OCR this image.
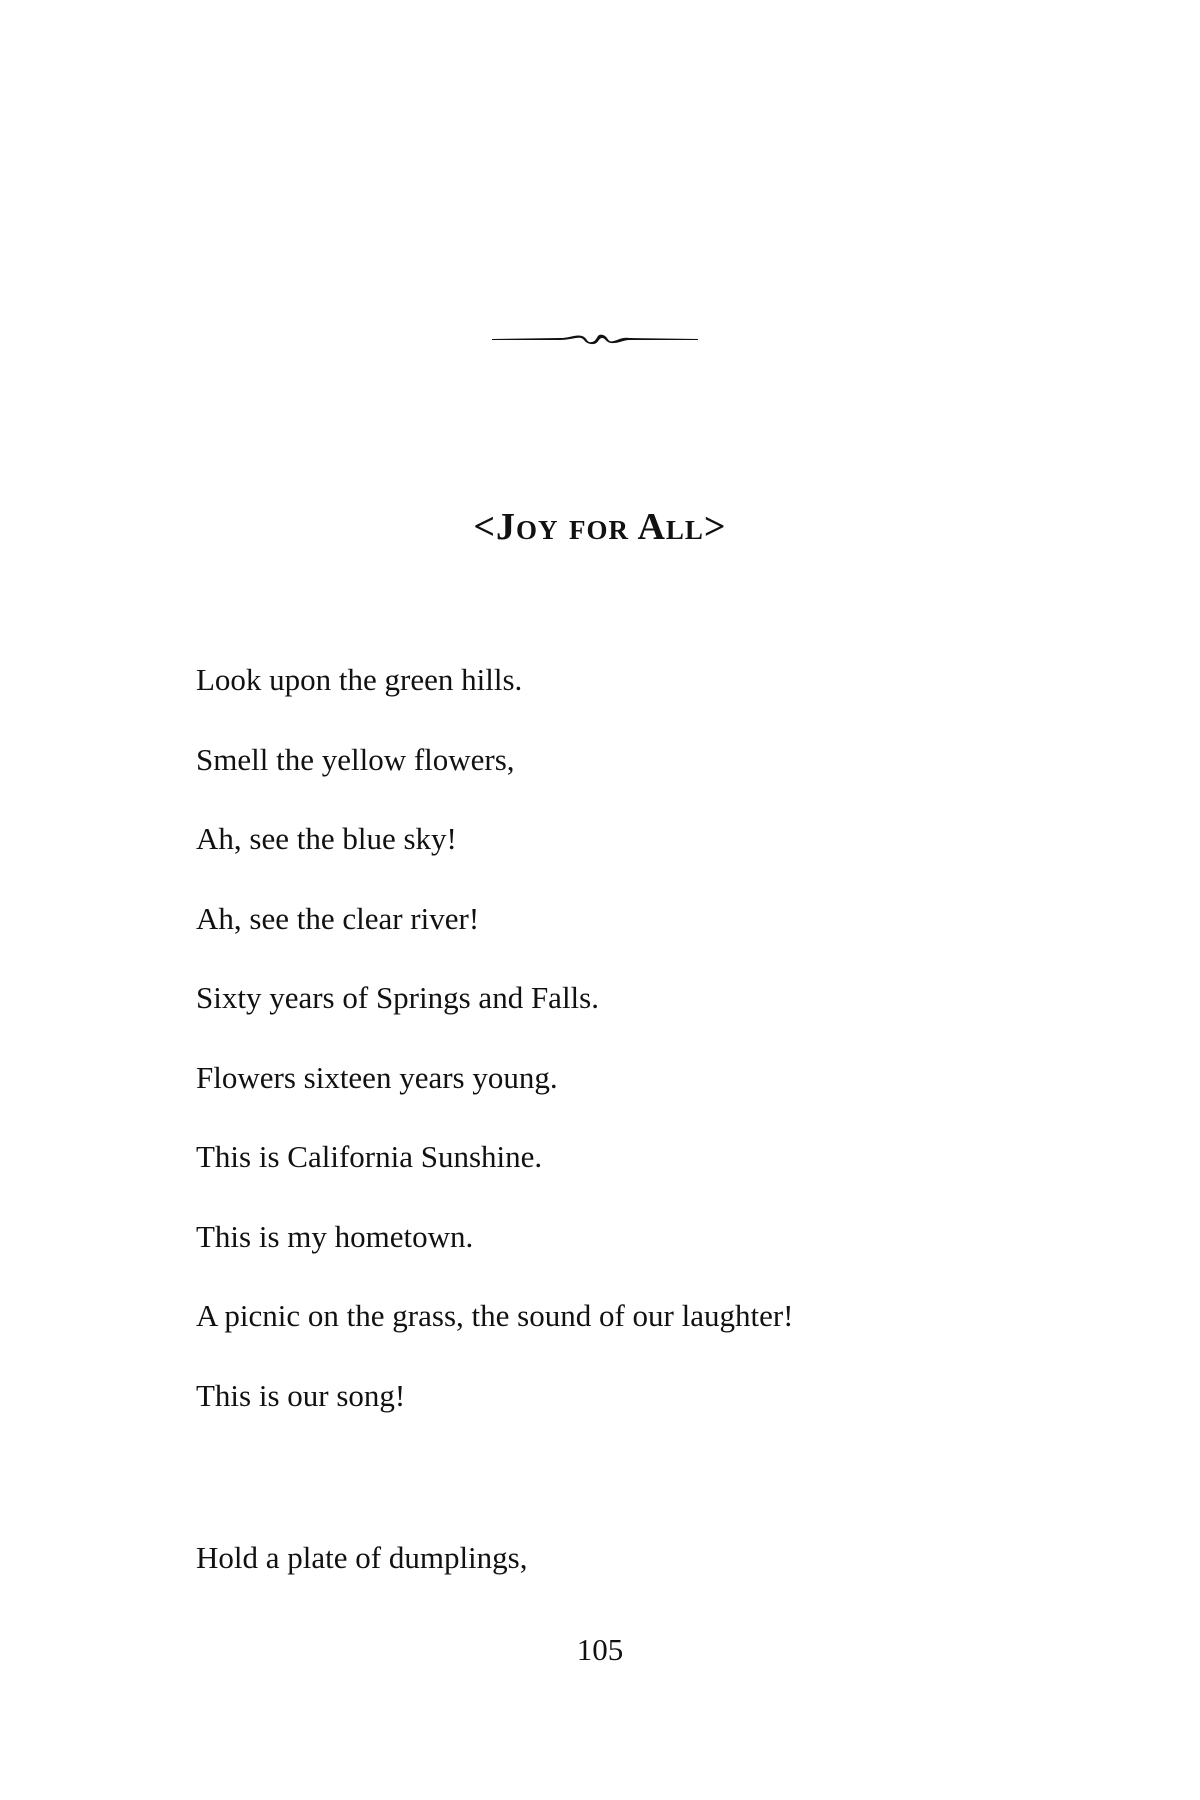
<Joy for All>
Look upon the green hills.
Smell the yellow flowers,
Ah, see the blue sky!
Ah, see the clear river!
Sixty years of Springs and Falls.
Flowers sixteen years young.
This is California Sunshine.
This is my hometown.
A picnic on the grass, the sound of our laughter!
This is our song!
Hold a plate of dumplings,
105
